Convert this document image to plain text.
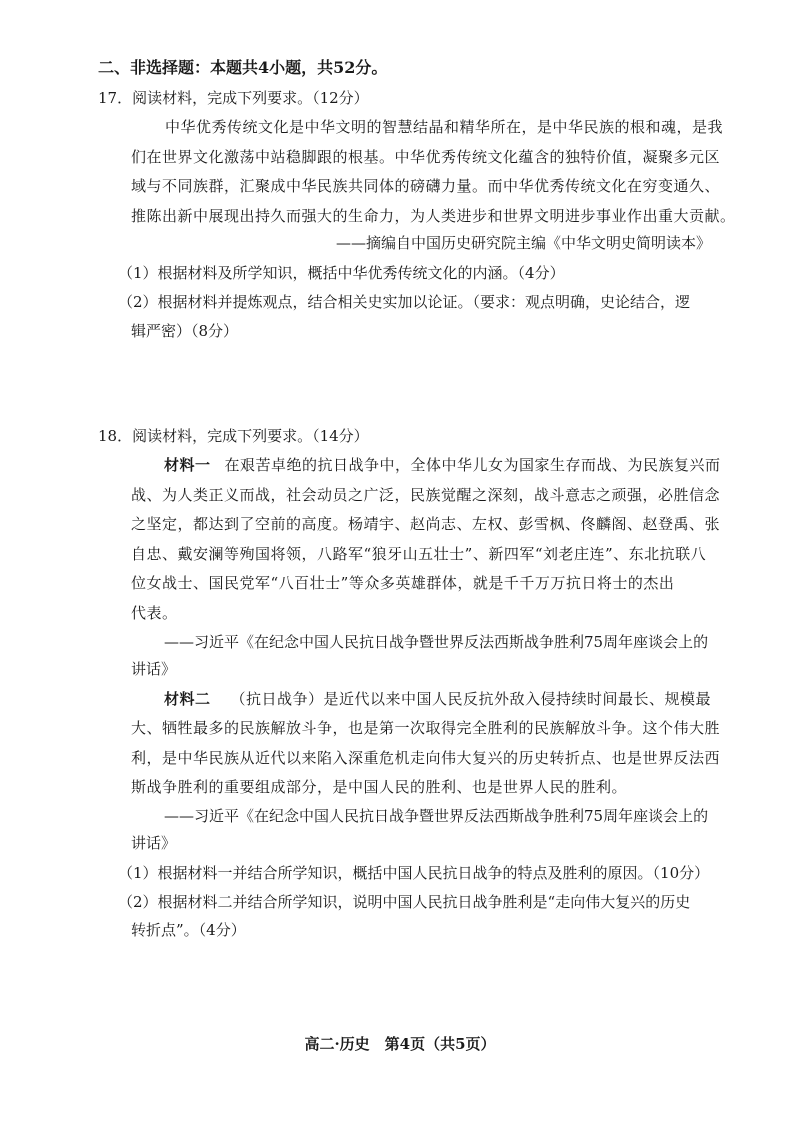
二、非选择题：本题共4小题，共52分。
17．阅读材料，完成下列要求。（12分）
中华优秀传统文化是中华文明的智慧结晶和精华所在，是中华民族的根和魂，是我
们在世界文化激荡中站稳脚跟的根基。中华优秀传统文化蕴含的独特价值，凝聚多元区
域与不同族群，汇聚成中华民族共同体的磅礴力量。而中华优秀传统文化在穷变通久、
推陈出新中展现出持久而强大的生命力，为人类进步和世界文明进步事业作出重大贡献。
——摘编自中国历史研究院主编《中华文明史简明读本》
（1）根据材料及所学知识，概括中华优秀传统文化的内涵。（4分）
（2）根据材料并提炼观点，结合相关史实加以论证。（要求：观点明确，史论结合，逻
辑严密）（8分）
18．阅读材料，完成下列要求。（14分）
材料一 在艰苦卓绝的抗日战争中，全体中华儿女为国家生存而战、为民族复兴而
战、为人类正义而战，社会动员之广泛，民族觉醒之深刻，战斗意志之顽强，必胜信念
之坚定，都达到了空前的高度。杨靖宇、赵尚志、左权、彭雪枫、佟麟阁、赵登禹、张
自忠、戴安澜等殉国将领，八路军“狼牙山五壮士”、新四军“刘老庄连”、东北抗联八
位女战士、国民党军“八百壮士”等众多英雄群体，就是千千万万抗日将士的杰出
代表。
——习近平《在纪念中国人民抗日战争暨世界反法西斯战争胜利75周年座谈会上的
讲话》
材料二 （抗日战争）是近代以来中国人民反抗外敌入侵持续时间最长、规模最
大、牺牲最多的民族解放斗争，也是第一次取得完全胜利的民族解放斗争。这个伟大胜
利，是中华民族从近代以来陷入深重危机走向伟大复兴的历史转折点、也是世界反法西
斯战争胜利的重要组成部分，是中国人民的胜利、也是世界人民的胜利。
——习近平《在纪念中国人民抗日战争暨世界反法西斯战争胜利75周年座谈会上的
讲话》
（1）根据材料一并结合所学知识，概括中国人民抗日战争的特点及胜利的原因。（10分）
（2）根据材料二并结合所学知识，说明中国人民抗日战争胜利是“走向伟大复兴的历史
转折点”。（4分）
高二·历史　第4页（共5页）
